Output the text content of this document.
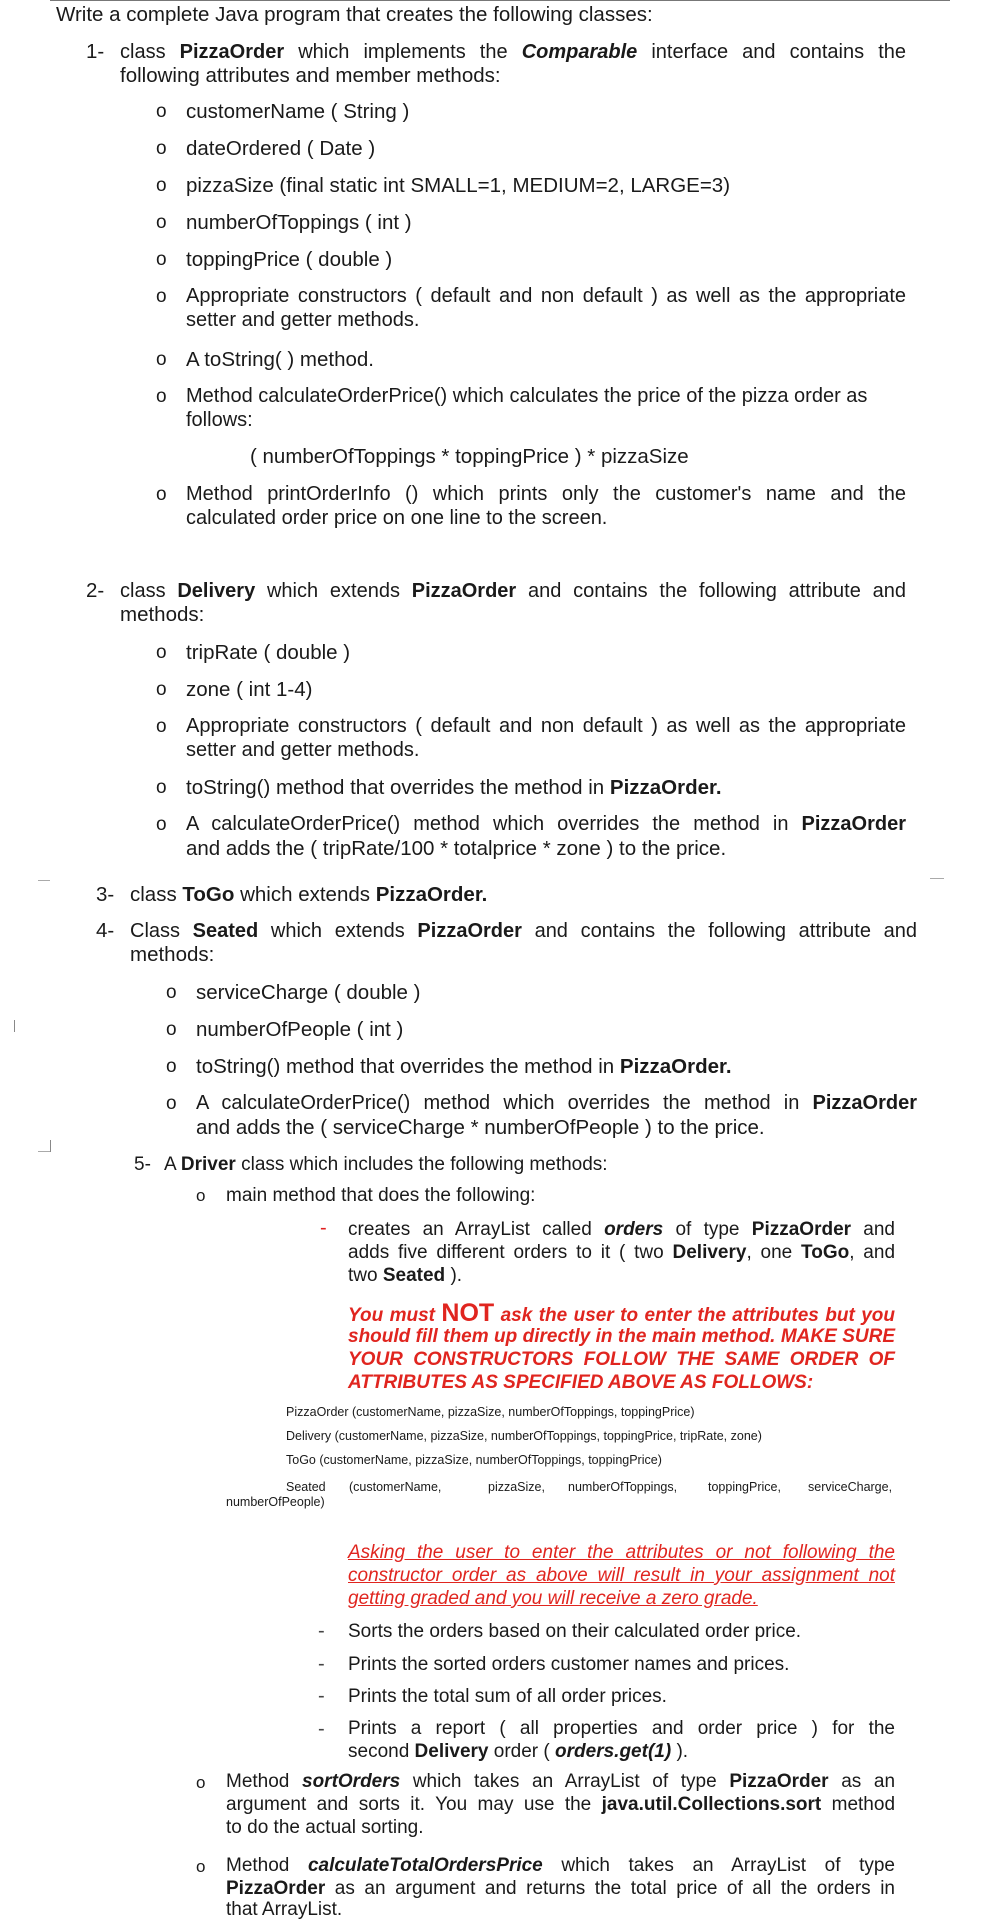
Write a complete Java program that creates the following classes:
1- class PizzaOrder which implements the Comparable interface and contains the
following attributes and member methods:
o customerName ( String )
o dateOrdered ( Date )
o pizzaSize (final static int SMALL=1, MEDIUM=2, LARGE=3)
o numberOfToppings ( int )
o toppingPrice ( double )
o Appropriate constructors ( default and non default ) as well as the appropriate setter and getter methods.
o A toString( ) method.
o Method calculateOrderPrice() which calculates the price of the pizza order as follows:
( numberOfToppings * toppingPrice ) * pizzaSize
o Method printOrderInfo () which prints only the customer's name and the calculated order price on one line to the screen.
2- class Delivery which extends PizzaOrder and contains the following attribute and
methods:
o tripRate ( double )
o zone ( int 1-4)
o Appropriate constructors ( default and non default ) as well as the appropriate setter and getter methods.
o toString() method that overrides the method in PizzaOrder.
o A calculateOrderPrice() method which overrides the method in PizzaOrder
and adds the ( tripRate/100 * totalprice * zone ) to the price.
3- class ToGo which extends PizzaOrder.
4- Class Seated which extends PizzaOrder and contains the following attribute and
methods:
o serviceCharge ( double )
o numberOfPeople ( int )
o toString() method that overrides the method in PizzaOrder.
o A calculateOrderPrice() method which overrides the method in PizzaOrder
and adds the ( serviceCharge * numberOfPeople ) to the price.
5- A Driver class which includes the following methods:
o main method that does the following:
- creates an ArrayList called orders of type PizzaOrder and
adds five different orders to it ( two Delivery, one ToGo, and
two Seated ).
You must NOT ask the user to enter the attributes but you
should fill them up directly in the main method. MAKE SURE
YOUR CONSTRUCTORS FOLLOW THE SAME ORDER OF
ATTRIBUTES AS SPECIFIED ABOVE AS FOLLOWS:
PizzaOrder (customerName, pizzaSize, numberOfToppings, toppingPrice)
Delivery (customerName, pizzaSize, numberOfToppings, toppingPrice, tripRate, zone)
ToGo (customerName, pizzaSize, numberOfToppings, toppingPrice)
Seated (customerName,	pizzaSize, numberOfToppings, toppingPrice, serviceCharge,
numberOfPeople)
Asking the user to enter the attributes or not following the
constructor order as above will result in your assignment not
getting graded and you will receive a zero grade.
- Sorts the orders based on their calculated order price.
- Prints the sorted orders customer names and prices.
- Prints the total sum of all order prices.
- Prints a report ( all properties and order price ) for the
second Delivery order ( orders.get(1) ).
o Method sortOrders which takes an ArrayList of type PizzaOrder as an
argument and sorts it. You may use the java.util.Collections.sort method
to do the actual sorting.
o Method calculateTotalOrdersPrice which takes an ArrayList of type
PizzaOrder as an argument and returns the total price of all the orders in
that ArrayList.
